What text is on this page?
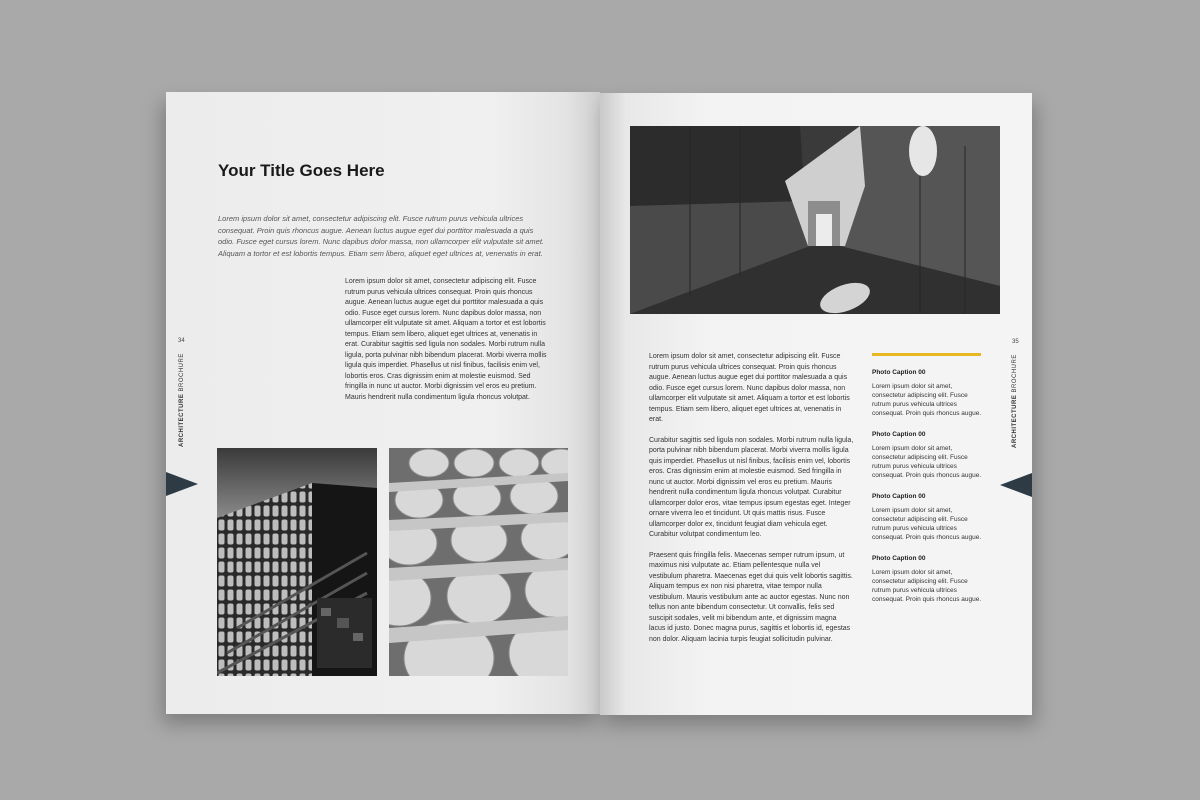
Your Title Goes Here

Lorem ipsum dolor sit amet, consectetur adipiscing elit. Fusce rutrum purus vehicula ultrices consequat. Proin quis rhoncus augue. Aenean luctus augue eget dui porttitor malesuada a quis odio. Fusce eget cursus lorem. Nunc dapibus dolor massa, non ullamcorper elit vulputate sit amet. Aliquam a tortor et est lobortis tempus. Etiam sem libero, aliquet eget ultrices at, venenatis in erat.

Lorem ipsum dolor sit amet, consectetur adipiscing elit. Fusce rutrum purus vehicula ultrices consequat. Proin quis rhoncus augue. Aenean luctus augue eget dui porttitor malesuada a quis odio. Fusce eget cursus lorem. Nunc dapibus dolor massa, non ullamcorper elit vulputate sit amet. Aliquam a tortor et est lobortis tempus. Etiam sem libero, aliquet eget ultrices at, venenatis in erat. Curabitur sagittis sed ligula non sodales. Morbi rutrum nulla ligula, porta pulvinar nibh bibendum placerat. Morbi viverra mollis ligula quis imperdiet. Phasellus ut nisl finibus, facilisis enim vel, lobortis eros. Cras dignissim enim at molestie euismod. Sed fringilla in nunc ut auctor. Morbi dignissim vel eros eu pretium. Mauris hendrerit nulla condimentum ligula rhoncus volutpat.

34
ARCHITECTURE BROCHURE	Lorem ipsum dolor sit amet, consectetur adipiscing elit. Fusce rutrum purus vehicula ultrices consequat. Proin quis rhoncus augue. Aenean luctus augue eget dui porttitor malesuada a quis odio. Fusce eget cursus lorem. Nunc dapibus dolor massa, non ullamcorper elit vulputate sit amet. Aliquam a tortor et est lobortis tempus. Etiam sem libero, aliquet eget ultrices at, venenatis in erat.

Curabitur sagittis sed ligula non sodales. Morbi rutrum nulla ligula, porta pulvinar nibh bibendum placerat. Morbi viverra mollis ligula quis imperdiet. Phasellus ut nisl finibus, facilisis enim vel, lobortis eros. Cras dignissim enim at molestie euismod. Sed fringilla in nunc ut auctor. Morbi dignissim vel eros eu pretium. Mauris hendrerit nulla condimentum ligula rhoncus volutpat. Curabitur ullamcorper dolor eros, vitae tempus ipsum egestas eget. Integer ornare viverra leo et tincidunt. Ut quis mattis risus. Fusce ullamcorper dolor ex, tincidunt feugiat diam vehicula eget. Curabitur volutpat condimentum leo.

Praesent quis fringilla felis. Maecenas semper rutrum ipsum, ut maximus nisi vulputate ac. Etiam pellentesque nulla vel vestibulum pharetra. Maecenas eget dui quis velit lobortis sagittis. Aliquam tempus ex non nisi pharetra, vitae tempor nulla vestibulum. Mauris vestibulum ante ac auctor egestas. Nunc non tellus non ante bibendum consectetur. Ut convallis, felis sed suscipit sodales, velit mi bibendum ante, et dignissim magna lacus id justo. Donec magna purus, sagittis et lobortis id, egestas non dolor. Aliquam lacinia turpis feugiat sollicitudin pulvinar.

Photo Caption 00

Lorem ipsum dolor sit amet, consectetur adipiscing elit. Fusce rutrum purus vehicula ultrices consequat. Proin quis rhoncus augue.

Photo Caption 00

Lorem ipsum dolor sit amet, consectetur adipiscing elit. Fusce rutrum purus vehicula ultrices consequat. Proin quis rhoncus augue.

Photo Caption 00

Lorem ipsum dolor sit amet, consectetur adipiscing elit. Fusce rutrum purus vehicula ultrices consequat. Proin quis rhoncus augue.

Photo Caption 00

Lorem ipsum dolor sit amet, consectetur adipiscing elit. Fusce rutrum purus vehicula ultrices consequat. Proin quis rhoncus augue.

35
ARCHITECTURE BROCHURE
